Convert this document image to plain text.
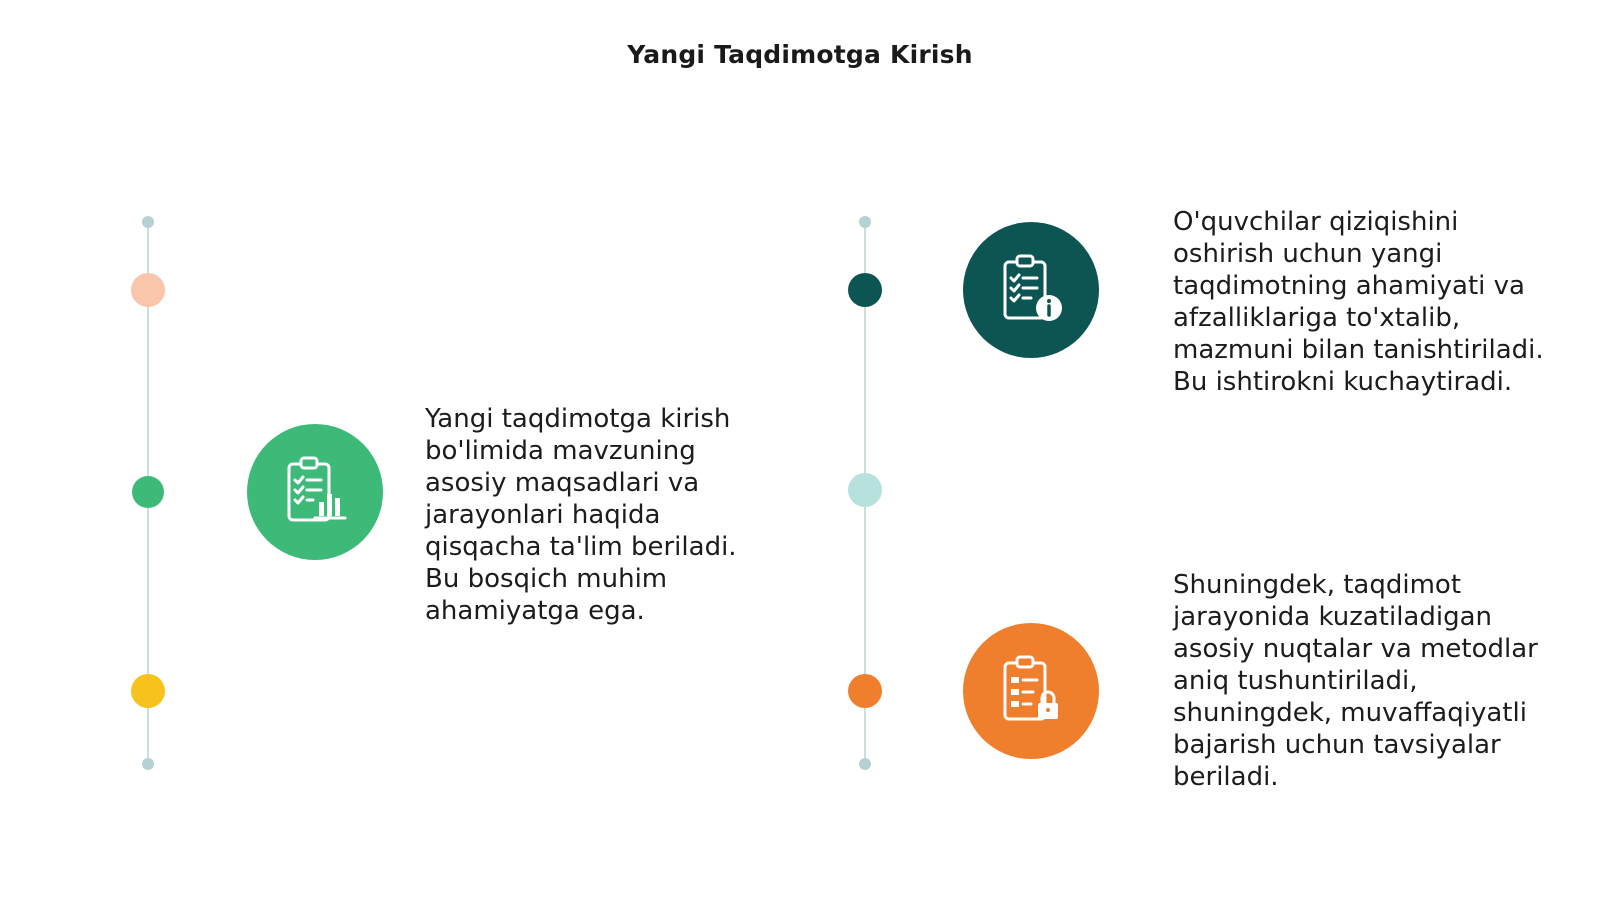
Yangi Taqdimotga Kirish
Yangi taqdimotga kirish bo'limida mavzuning asosiy maqsadlari va jarayonlari haqida qisqacha ta'lim beriladi. Bu bosqich muhim ahamiyatga ega.
O'quvchilar qiziqishini oshirish uchun yangi taqdimotning ahamiyati va afzalliklariga to'xtalib, mazmuni bilan tanishtiriladi. Bu ishtirokni kuchaytiradi.
Shuningdek, taqdimot jarayonida kuzatiladigan asosiy nuqtalar va metodlar aniq tushuntiriladi, shuningdek, muvaffaqiyatli bajarish uchun tavsiyalar beriladi.
